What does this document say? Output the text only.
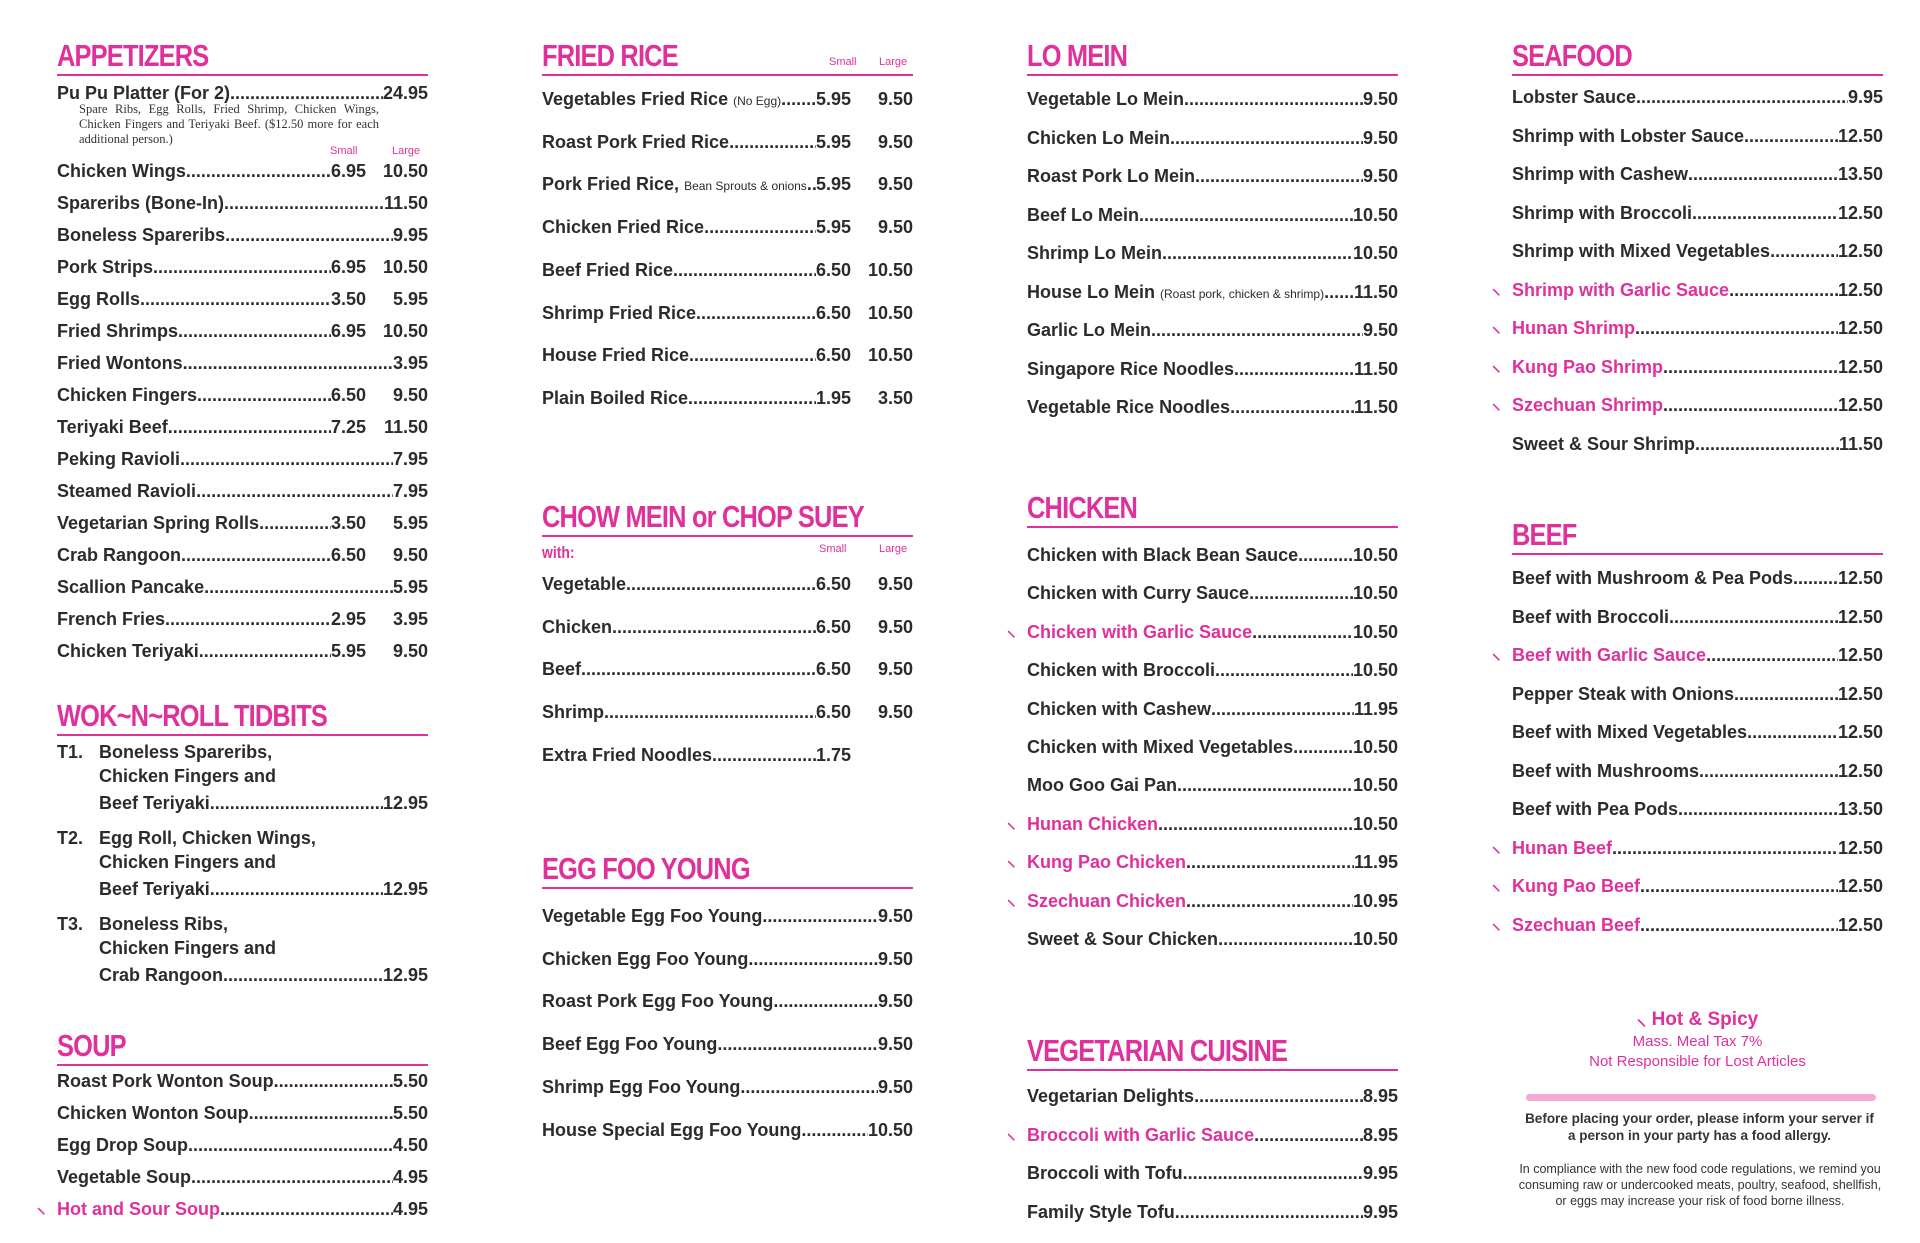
APPETIZERS
Pu Pu Platter (For 2) .....	24.95
Spare Ribs, Egg Rolls, Fried Shrimp, Chicken Wings, Chicken Fingers and Teriyaki Beef. ($12.50 more for each additional person.)
Small	Large
Chicken Wings .....	6.95 10.50
Spareribs (Bone-In) .....	11.50
Boneless Spareribs .....	9.95
Pork Strips .....	6.95 10.50
Egg Rolls .....	3.50	5.95
Fried Shrimps .....	6.95 10.50
Fried Wontons .....	3.95
Chicken Fingers .....	6.50	9.50
Teriyaki Beef .....	7.25 11.50
Peking Ravioli .....	7.95
Steamed Ravioli .....	7.95
Vegetarian Spring Rolls .....	3.50	5.95
Crab Rangoon .....	6.50	9.50
Scallion Pancake .....	5.95
French Fries .....	2.95	3.95
Chicken Teriyaki .....	5.95	9.50
WOK~N~ROLL TIDBITS
T1. Boneless Spareribs,
Chicken Fingers and
Beef Teriyaki .....	12.95
T2. Egg Roll, Chicken Wings,
Chicken Fingers and
Beef Teriyaki .....	12.95
T3. Boneless Ribs,
Chicken Fingers and
Crab Rangoon .....	12.95
SOUP
Roast Pork Wonton Soup .....	5.50
Chicken Wonton Soup .....	5.50
Egg Drop Soup .....	4.50
Vegetable Soup .....	4.95
⸜ Hot and Sour Soup .....	4.95
FRIED RICE	Small Large
Vegetables Fried Rice (No Egg) ..... 5.95	9.50
Roast Pork Fried Rice .....	5.95	9.50
Pork Fried Rice, Bean Sprouts & onions ..... 5.95	9.50
Chicken Fried Rice .....	5.95	9.50
Beef Fried Rice .....	6.50 10.50
Shrimp Fried Rice .....	6.50 10.50
House Fried Rice .....	6.50 10.50
Plain Boiled Rice .....	1.95	3.50
CHOW MEIN or CHOP SUEY
with:	Small	Large
Vegetable .....	6.50	9.50
Chicken .....	6.50	9.50
Beef .....	6.50	9.50
Shrimp .....	6.50	9.50
Extra Fried Noodles .....	1.75
EGG FOO YOUNG
Vegetable Egg Foo Young .....	9.50
Chicken Egg Foo Young .....	9.50
Roast Pork Egg Foo Young .....	9.50
Beef Egg Foo Young .....	9.50
Shrimp Egg Foo Young .....	9.50
House Special Egg Foo Young .....	10.50
LO MEIN
Vegetable Lo Mein .....	9.50
Chicken Lo Mein .....	9.50
Roast Pork Lo Mein .....	9.50
Beef Lo Mein .....	10.50
Shrimp Lo Mein .....	10.50
House Lo Mein (Roast pork, chicken & shrimp) ..... 11.50
Garlic Lo Mein .....	9.50
Singapore Rice Noodles .....	11.50
Vegetable Rice Noodles .....	11.50
CHICKEN
Chicken with Black Bean Sauce .....	10.50
Chicken with Curry Sauce .....	10.50
⸜ Chicken with Garlic Sauce .....	10.50
Chicken with Broccoli .....	10.50
Chicken with Cashew .....	11.95
Chicken with Mixed Vegetables .....	10.50
Moo Goo Gai Pan .....	10.50
⸜ Hunan Chicken .....	10.50
⸜ Kung Pao Chicken .....	11.95
⸜ Szechuan Chicken .....	10.95
Sweet & Sour Chicken .....	10.50
VEGETARIAN CUISINE
Vegetarian Delights .....	8.95
⸜ Broccoli with Garlic Sauce .....	8.95
Broccoli with Tofu .....	9.95
Family Style Tofu .....	9.95
SEAFOOD
Lobster Sauce .....	9.95
Shrimp with Lobster Sauce .....	12.50
Shrimp with Cashew .....	13.50
Shrimp with Broccoli .....	12.50
Shrimp with Mixed Vegetables .....	12.50
⸜ Shrimp with Garlic Sauce .....	12.50
⸜ Hunan Shrimp .....	12.50
⸜ Kung Pao Shrimp .....	12.50
⸜ Szechuan Shrimp .....	12.50
Sweet & Sour Shrimp .....	11.50
BEEF
Beef with Mushroom & Pea Pods ..... 12.50
Beef with Broccoli .....	12.50
⸜ Beef with Garlic Sauce .....	12.50
Pepper Steak with Onions .....	12.50
Beef with Mixed Vegetables .....	12.50
Beef with Mushrooms .....	12.50
Beef with Pea Pods .....	13.50
⸜ Hunan Beef .....	12.50
⸜ Kung Pao Beef .....	12.50
⸜ Szechuan Beef .....	12.50
⸜ Hot & Spicy
Mass. Meal Tax 7%
Not Responsible for Lost Articles
Before placing your order, please inform your server if a person in your party has a food allergy.
In compliance with the new food code regulations, we remind you consuming raw or undercooked meats, poultry, seafood, shellfish, or eggs may increase your risk of food borne illness.
